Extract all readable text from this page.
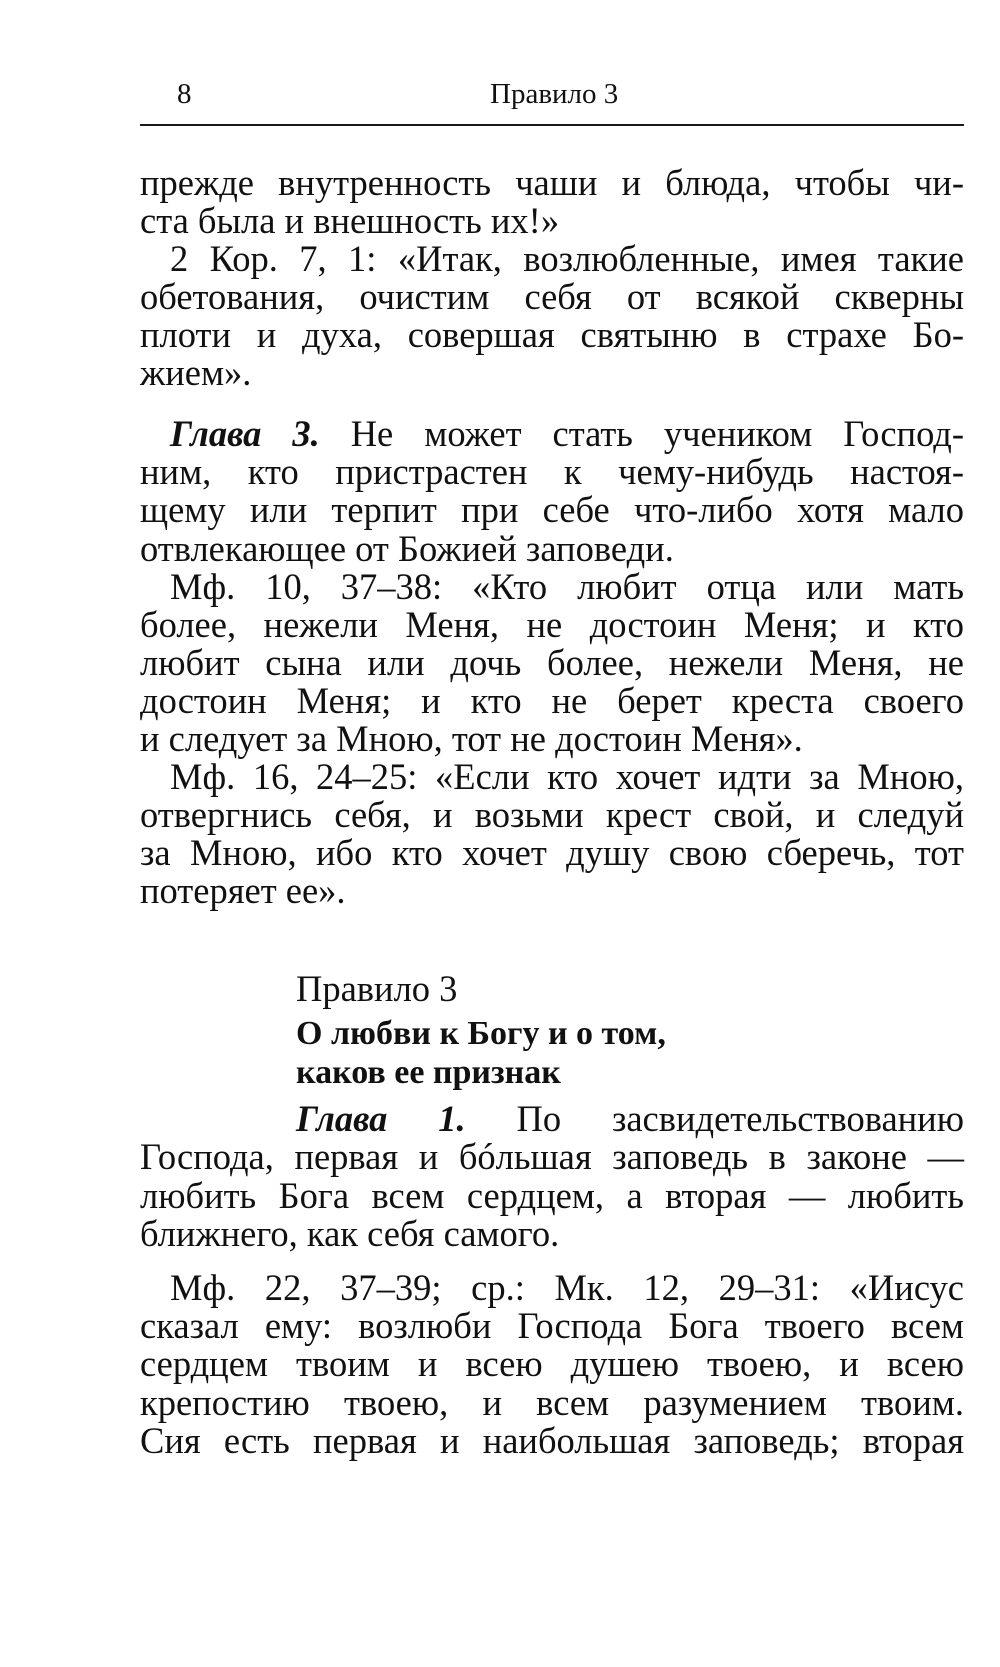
8	Правило 3
прежде внутренность чаши и блюда, чтобы чи-
ста была и внешность их!»
2 Кор. 7, 1: «Итак, возлюбленные, имея такие
обетования, очистим себя от всякой скверны
плоти и духа, совершая святыню в страхе Бо-
жием».
Глава 3. Не может стать учеником Господ-
ним, кто пристрастен к чему-нибудь настоя-
щему или терпит при себе что-либо хотя мало
отвлекающее от Божией заповеди.
Мф. 10, 37–38: «Кто любит отца или мать
более, нежели Меня, не достоин Меня; и кто
любит сына или дочь более, нежели Меня, не
достоин Меня; и кто не берет креста своего
и следует за Мною, тот не достоин Меня».
Мф. 16, 24–25: «Если кто хочет идти за Мною,
отвергнись себя, и возьми крест свой, и следуй
за Мною, ибо кто хочет душу свою сберечь, тот
потеряет ее».
Правило 3
О любви к Богу и о том,
каков ее признак
Глава 1. По засвидетельствованию
Господа, первая и бóльшая заповедь в законе —
любить Бога всем сердцем, а вторая — любить
ближнего, как себя самого.
Мф. 22, 37–39; ср.: Мк. 12, 29–31: «Иисус
сказал ему: возлюби Господа Бога твоего всем
сердцем твоим и всею душею твоею, и всею
крепостию твоею, и всем разумением твоим.
Сия есть первая и наибольшая заповедь; вторая
